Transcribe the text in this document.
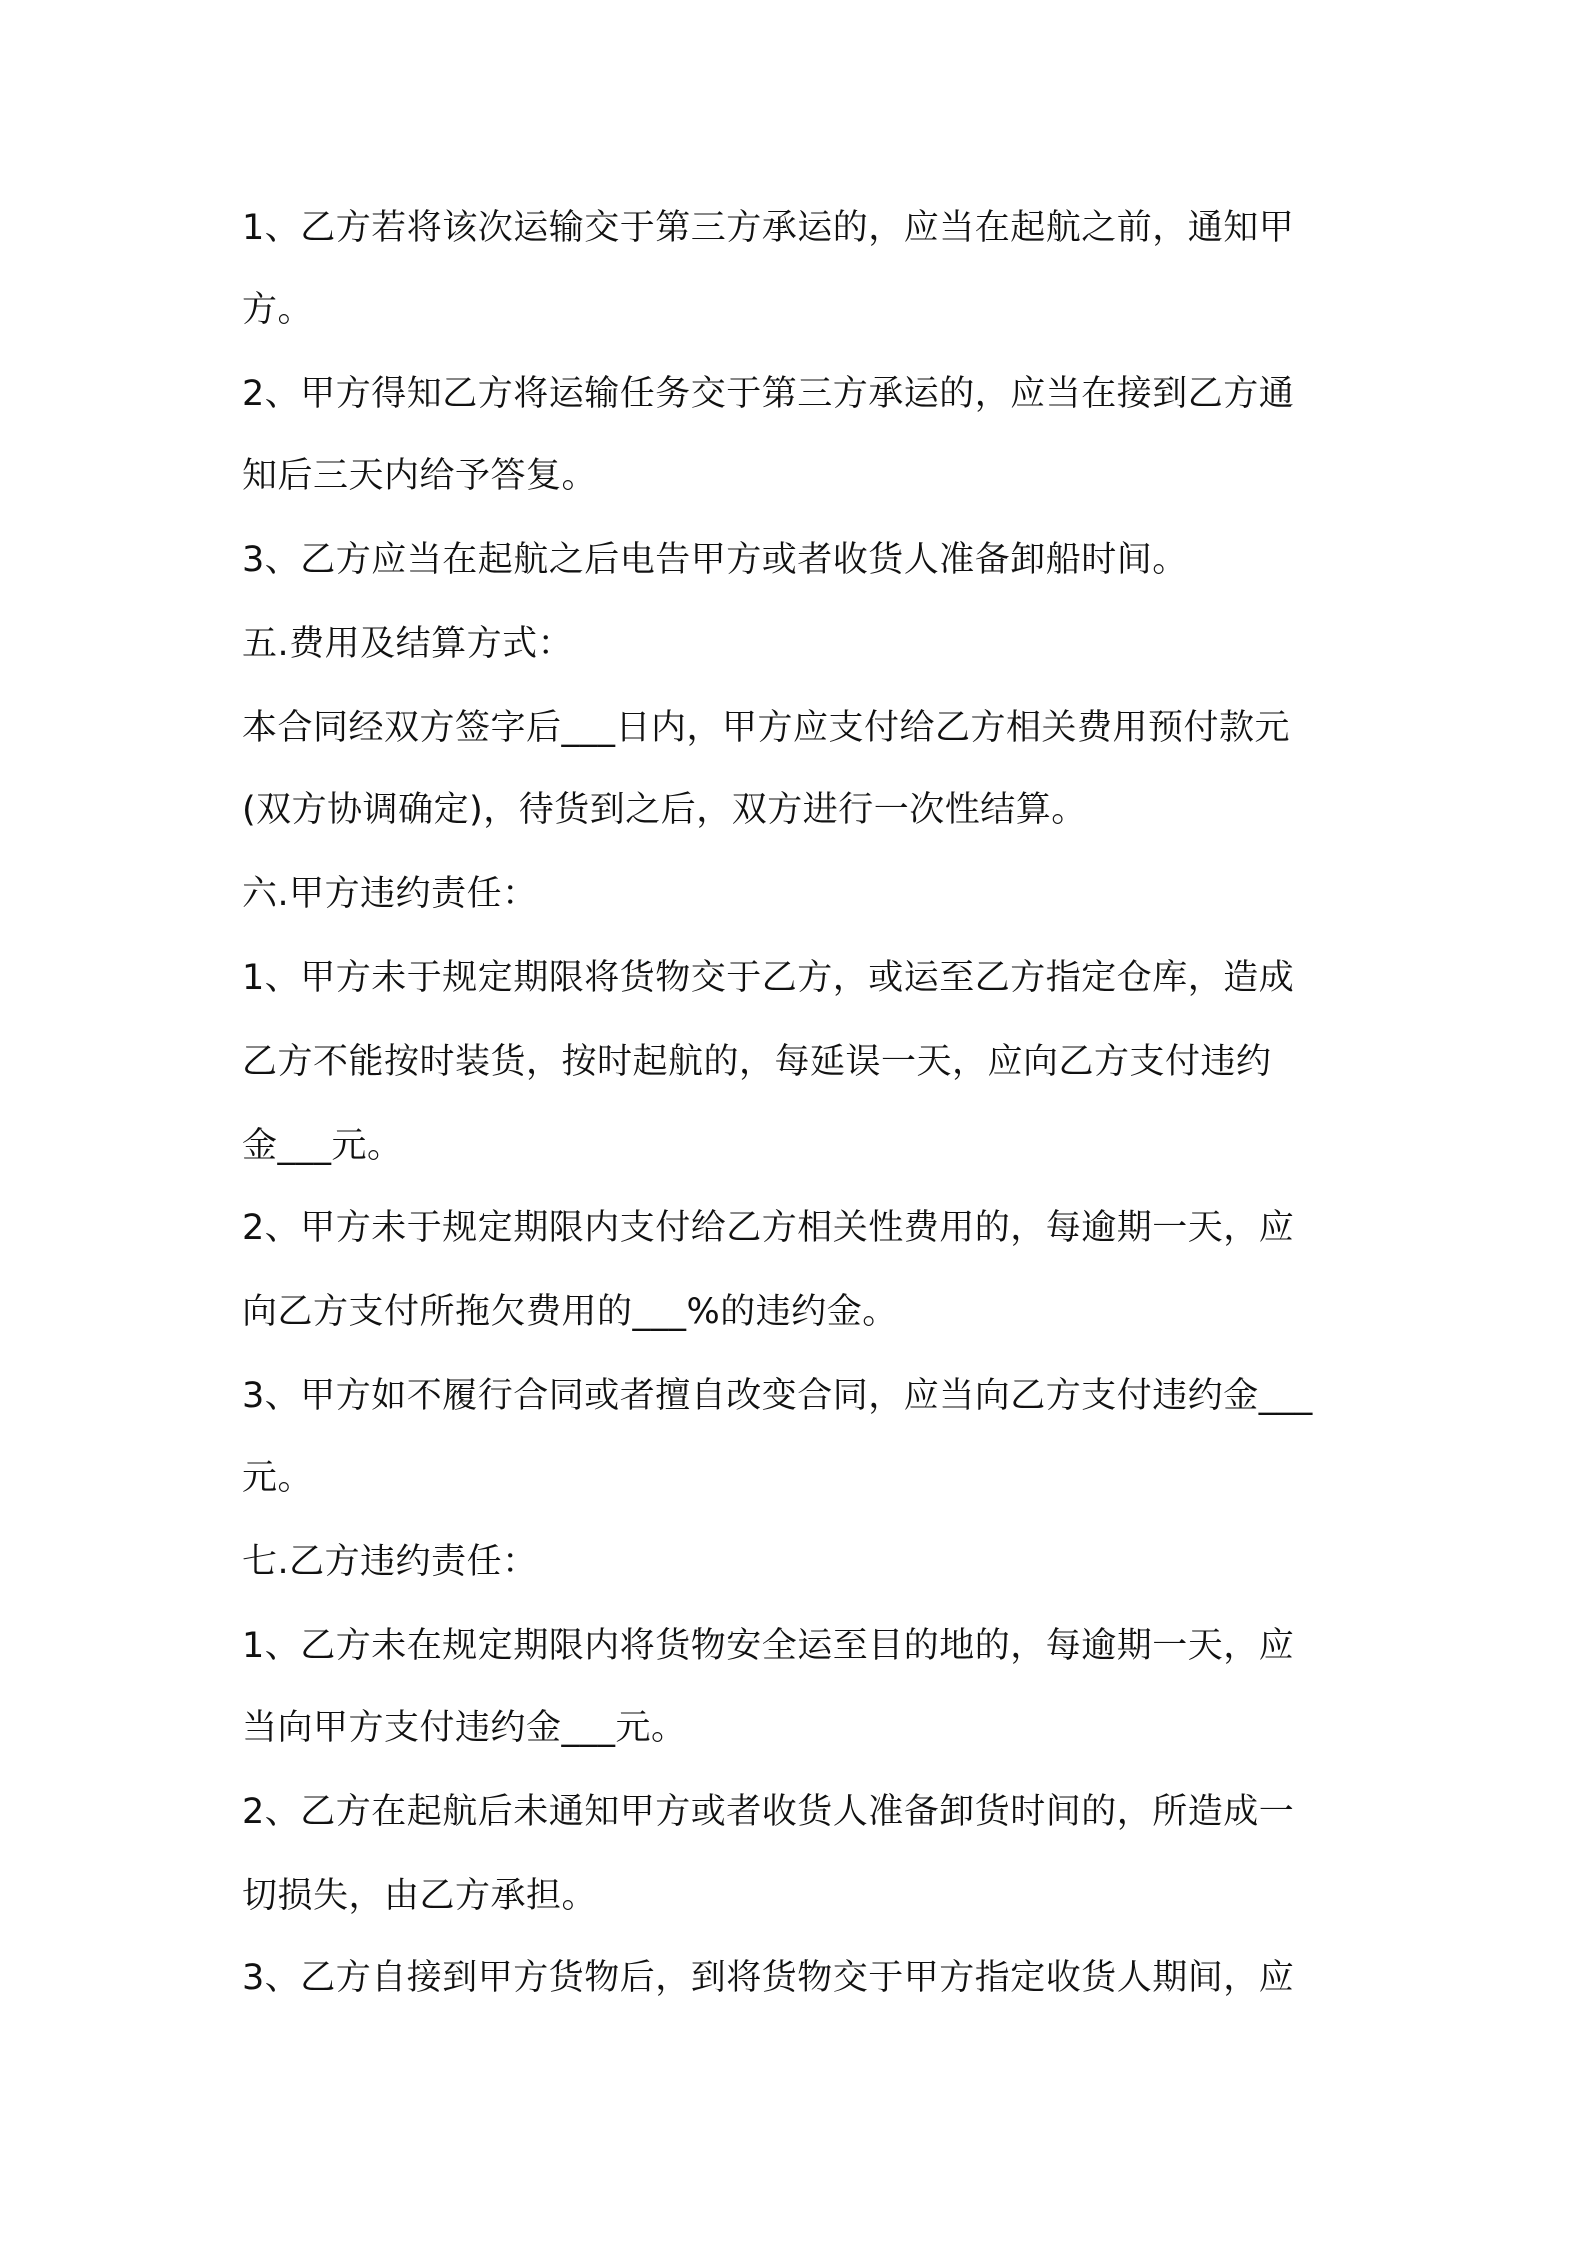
1、乙方若将该次运输交于第三方承运的，应当在起航之前，通知甲
方。
2、甲方得知乙方将运输任务交于第三方承运的，应当在接到乙方通
知后三天内给予答复。
3、乙方应当在起航之后电告甲方或者收货人准备卸船时间。
五.费用及结算方式：
本合同经双方签字后___日内，甲方应支付给乙方相关费用预付款元
(双方协调确定)，待货到之后，双方进行一次性结算。
六.甲方违约责任：
1、甲方未于规定期限将货物交于乙方，或运至乙方指定仓库，造成
乙方不能按时装货，按时起航的，每延误一天，应向乙方支付违约
金___元。
2、甲方未于规定期限内支付给乙方相关性费用的，每逾期一天，应
向乙方支付所拖欠费用的___%的违约金。
3、甲方如不履行合同或者擅自改变合同，应当向乙方支付违约金___
元。
七.乙方违约责任：
1、乙方未在规定期限内将货物安全运至目的地的，每逾期一天，应
当向甲方支付违约金___元。
2、乙方在起航后未通知甲方或者收货人准备卸货时间的，所造成一
切损失，由乙方承担。
3、乙方自接到甲方货物后，到将货物交于甲方指定收货人期间，应
